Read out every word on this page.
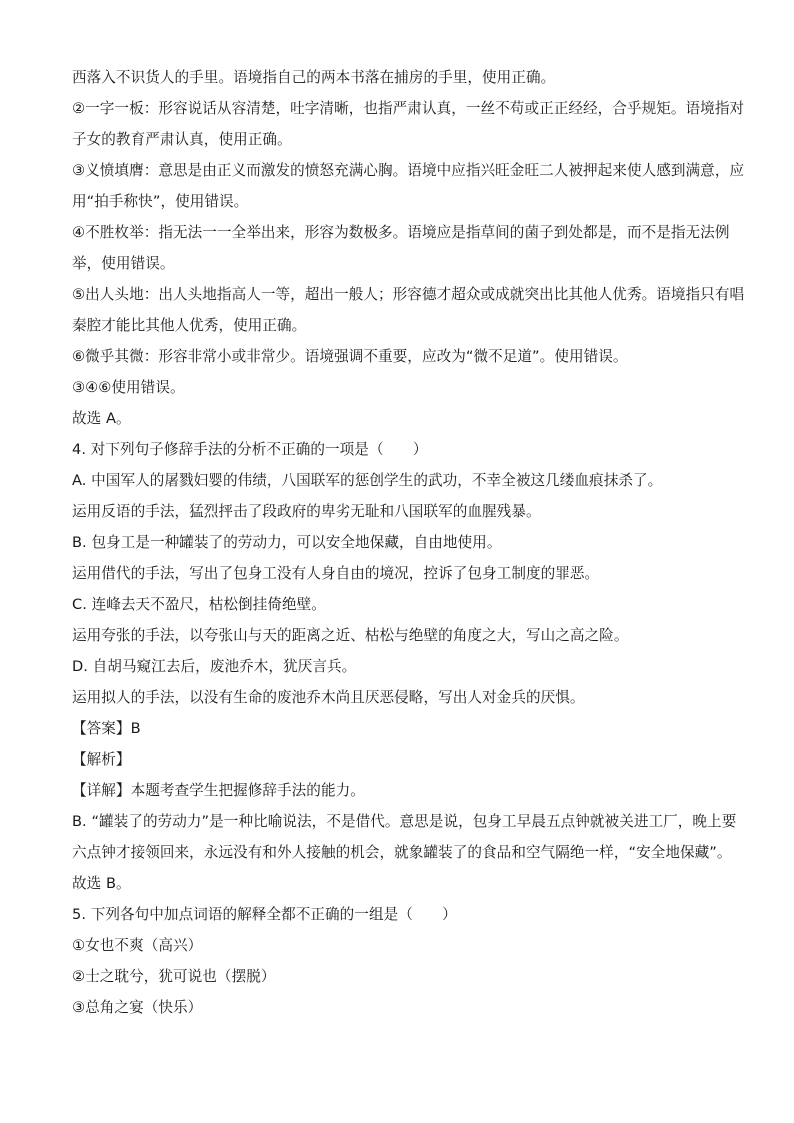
西落入不识货人的手里。语境指自己的两本书落在捕房的手里，使用正确。
②一字一板：形容说话从容清楚，吐字清晰，也指严肃认真，一丝不苟或正正经经，合乎规矩。语境指对
子女的教育严肃认真，使用正确。
③义愤填膺：意思是由正义而激发的愤怒充满心胸。语境中应指兴旺金旺二人被押起来使人感到满意，应
用“拍手称快”，使用错误。
④不胜枚举：指无法一一全举出来，形容为数极多。语境应是指草间的菌子到处都是，而不是指无法例
举，使用错误。
⑤出人头地：出人头地指高人一等，超出一般人；形容德才超众或成就突出比其他人优秀。语境指只有唱
秦腔才能比其他人优秀，使用正确。
⑥微乎其微：形容非常小或非常少。语境强调不重要，应改为“微不足道”。使用错误。
③④⑥使用错误。
故选 A。
4. 对下列句子修辞手法的分析不正确的一项是（　　）
A. 中国军人的屠戮妇婴的伟绩，八国联军的惩创学生的武功，不幸全被这几缕血痕抹杀了。
运用反语的手法，猛烈抨击了段政府的卑劣无耻和八国联军的血腥残暴。
B. 包身工是一种罐装了的劳动力，可以安全地保藏，自由地使用。
运用借代的手法，写出了包身工没有人身自由的境况，控诉了包身工制度的罪恶。
C. 连峰去天不盈尺，枯松倒挂倚绝壁。
运用夸张的手法，以夸张山与天的距离之近、枯松与绝壁的角度之大，写山之高之险。
D. 自胡马窥江去后，废池乔木，犹厌言兵。
运用拟人的手法，以没有生命的废池乔木尚且厌恶侵略，写出人对金兵的厌惧。
【答案】B
【解析】
【详解】本题考查学生把握修辞手法的能力。
B. “罐装了的劳动力”是一种比喻说法，不是借代。意思是说，包身工早晨五点钟就被关进工厂，晚上要
六点钟才接领回来，永远没有和外人接触的机会，就象罐装了的食品和空气隔绝一样，“安全地保藏”。
故选 B。
5. 下列各句中加点词语的解释全都不正确的一组是（　　）
①女也不爽（高兴）
②士之耽兮，犹可说也（摆脱）
③总角之宴（快乐）
